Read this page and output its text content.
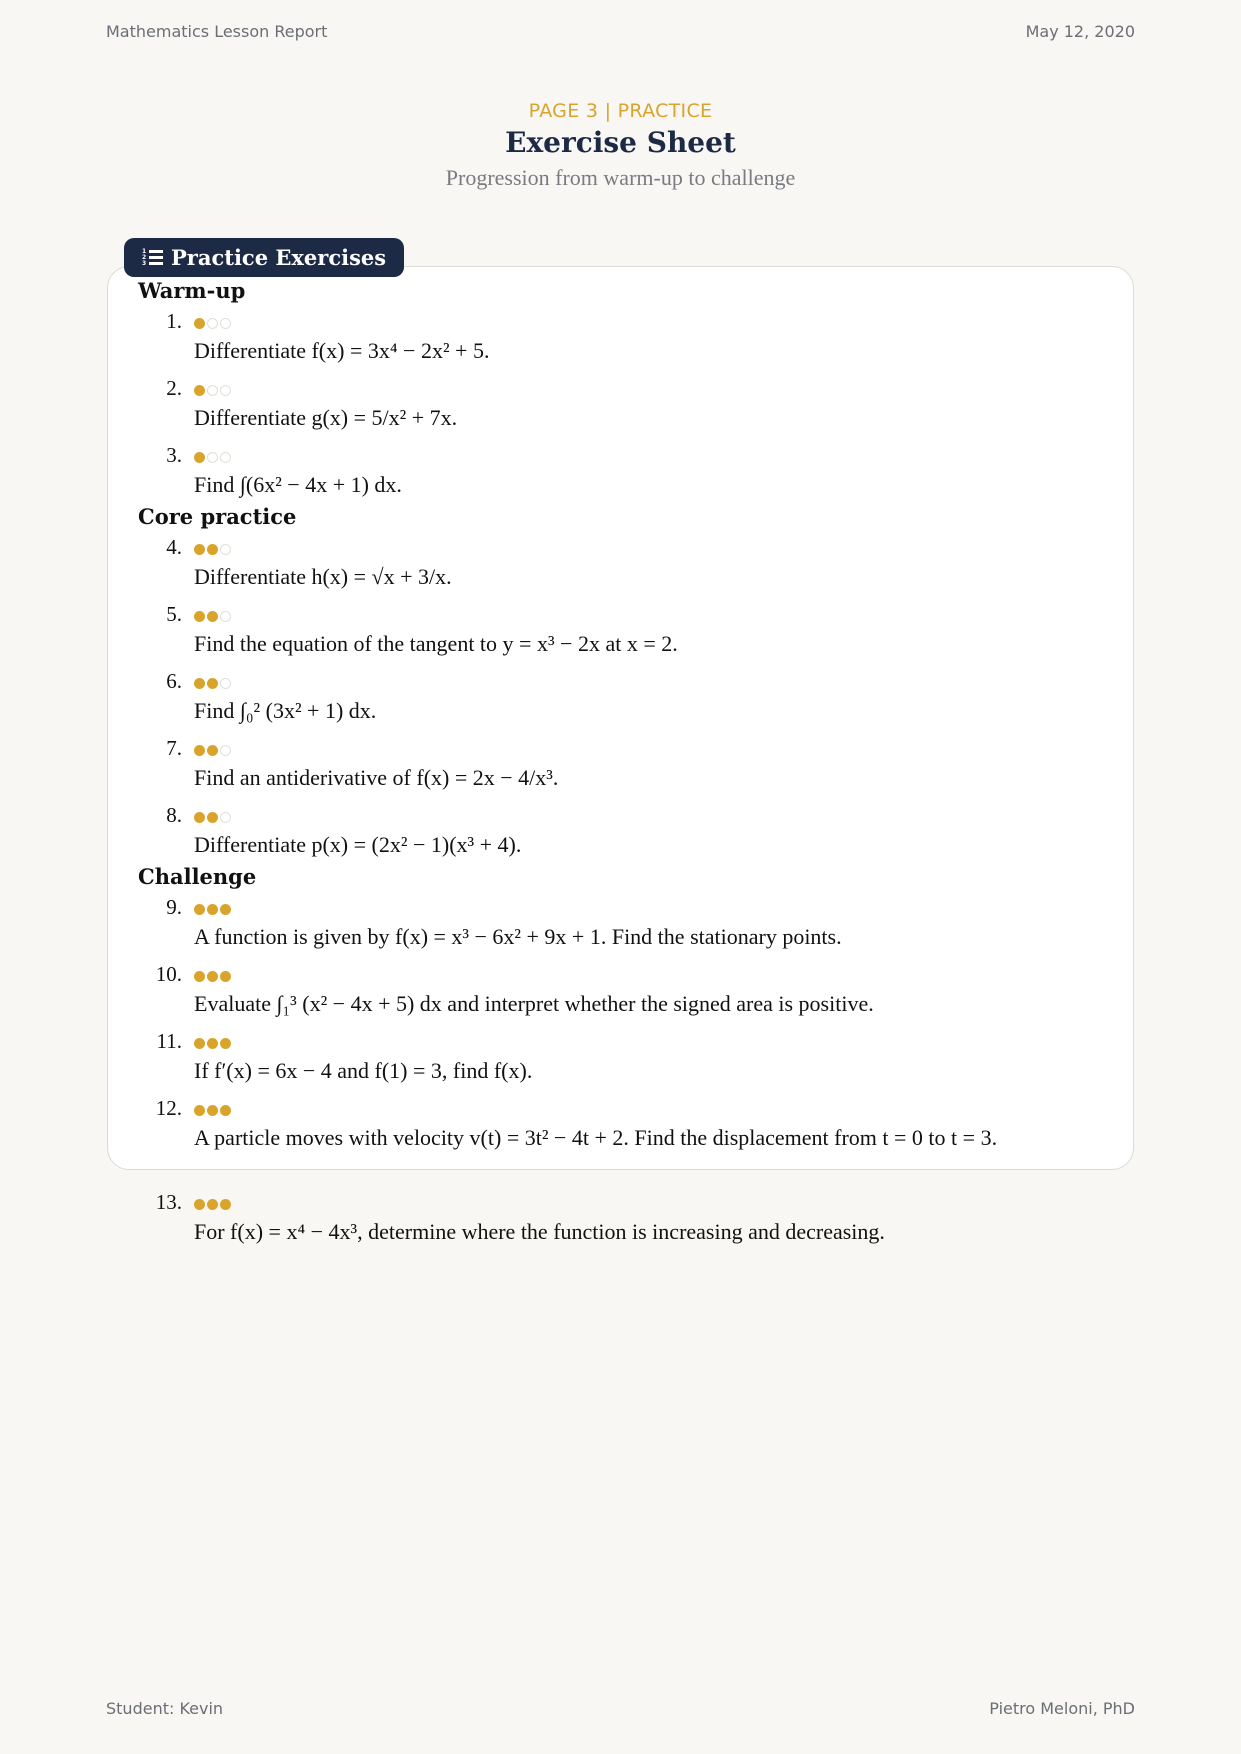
Mathematics Lesson Report	May 12, 2020
PAGE 3 | PRACTICE
Exercise Sheet
Progression from warm-up to challenge
1
2
3 Practice Exercises
Warm-up
1.
Differentiate f(x) = 3x⁴ − 2x² + 5.
2.
Differentiate g(x) = 5/x² + 7x.
3.
Find ∫(6x² − 4x + 1) dx.
Core practice
4.
Differentiate h(x) = √x + 3/x.
5.
Find the equation of the tangent to y = x³ − 2x at x = 2.
6.
Find ∫₀² (3x² + 1) dx.
7.
Find an antiderivative of f(x) = 2x − 4/x³.
8.
Differentiate p(x) = (2x² − 1)(x³ + 4).
Challenge
9.
A function is given by f(x) = x³ − 6x² + 9x + 1. Find the stationary points.
10.
Evaluate ∫₁³ (x² − 4x + 5) dx and interpret whether the signed area is positive.
11.
If f′(x) = 6x − 4 and f(1) = 3, find f(x).
12.
A particle moves with velocity v(t) = 3t² − 4t + 2. Find the displacement from t = 0 to t = 3.
13.
For f(x) = x⁴ − 4x³, determine where the function is increasing and decreasing.
Student: Kevin	Pietro Meloni, PhD
